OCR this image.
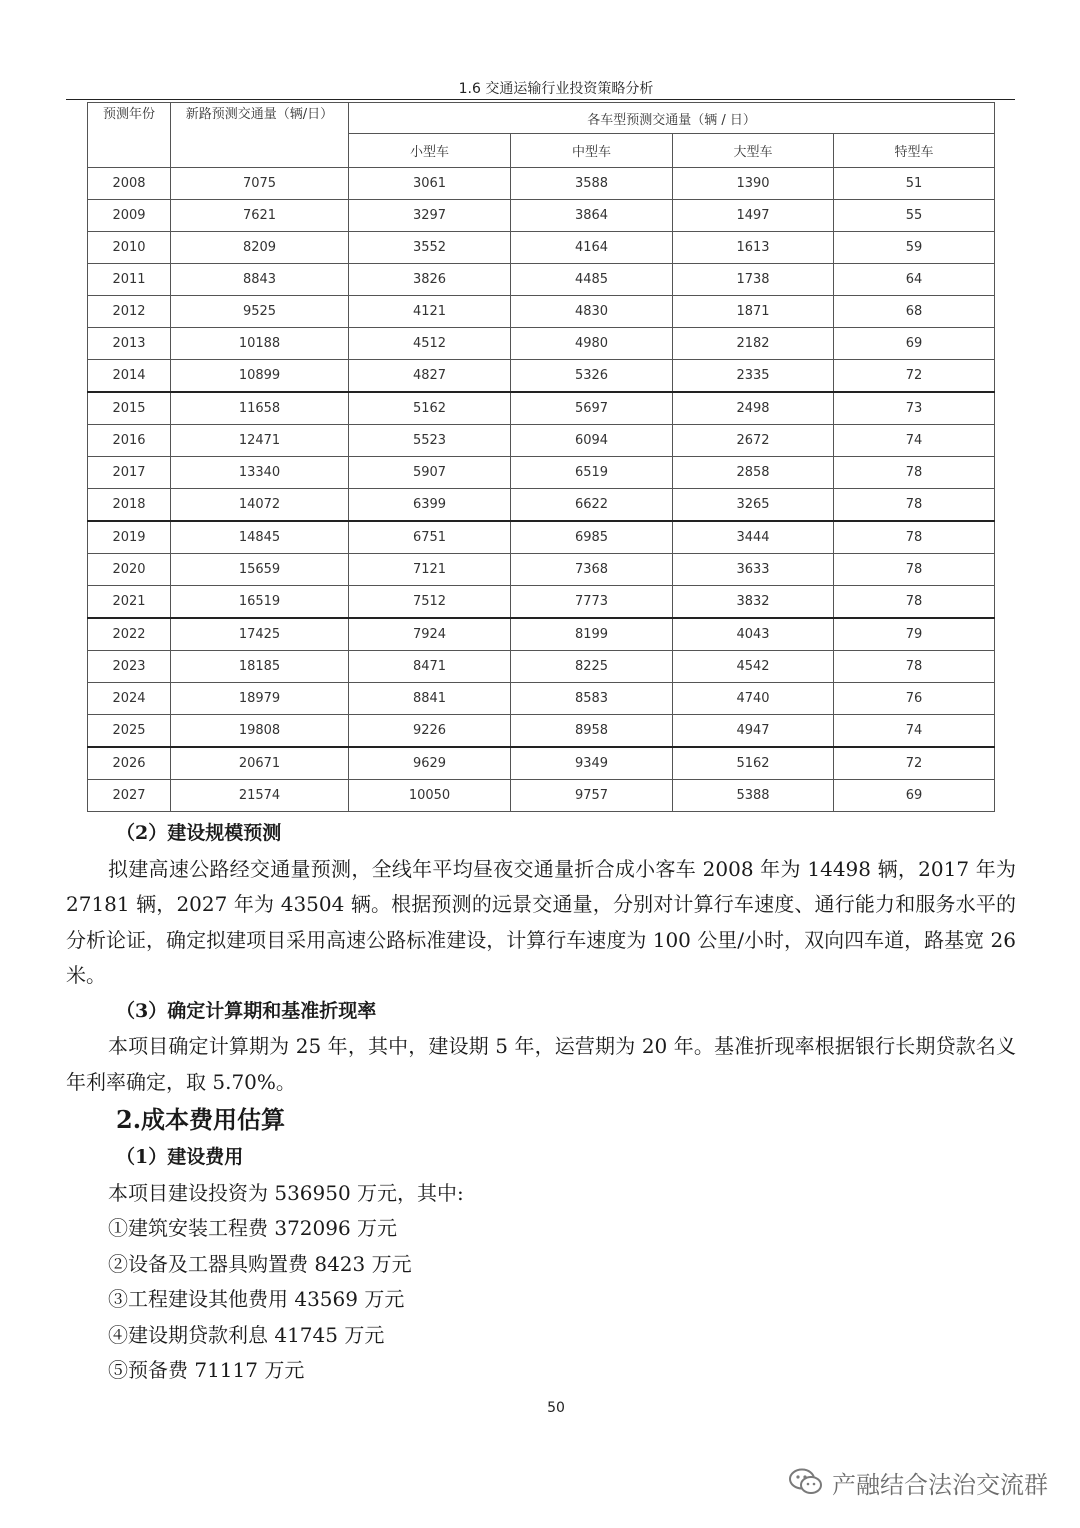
1.6 交通运输行业投资策略分析
预测年份	新路预测交通量（辆/日）	各车型预测交通量（辆 / 日）			
		小型车	中型车	大型车	特型车
2008	7075	3061	3588	1390	51
2009	7621	3297	3864	1497	55
2010	8209	3552	4164	1613	59
2011	8843	3826	4485	1738	64
2012	9525	4121	4830	1871	68
2013	10188	4512	4980	2182	69
2014	10899	4827	5326	2335	72
2015	11658	5162	5697	2498	73
2016	12471	5523	6094	2672	74
2017	13340	5907	6519	2858	78
2018	14072	6399	6622	3265	78
2019	14845	6751	6985	3444	78
2020	15659	7121	7368	3633	78
2021	16519	7512	7773	3832	78
2022	17425	7924	8199	4043	79
2023	18185	8471	8225	4542	78
2024	18979	8841	8583	4740	76
2025	19808	9226	8958	4947	74
2026	20671	9629	9349	5162	72
2027	21574	10050	9757	5388	69
（2）建设规模预测

拟建高速公路经交通量预测，全线年平均昼夜交通量折合成小客车 2008 年为 14498 辆，2017 年为 27181 辆，2027 年为 43504 辆。根据预测的远景交通量，分别对计算行车速度、通行能力和服务水平的分析论证，确定拟建项目采用高速公路标准建设，计算行车速度为 100 公里/小时，双向四车道，路基宽 26 米。

（3）确定计算期和基准折现率

本项目确定计算期为 25 年，其中，建设期 5 年，运营期为 20 年。基准折现率根据银行长期贷款名义年利率确定，取 5.70%。

2.成本费用估算
（1）建设费用
本项目建设投资为 536950 万元，其中:
①建筑安装工程费 372096 万元
②设备及工器具购置费 8423 万元
③工程建设其他费用 43569 万元
④建设期贷款利息 41745 万元
⑤预备费 71117 万元
50
产融结合法治交流群
